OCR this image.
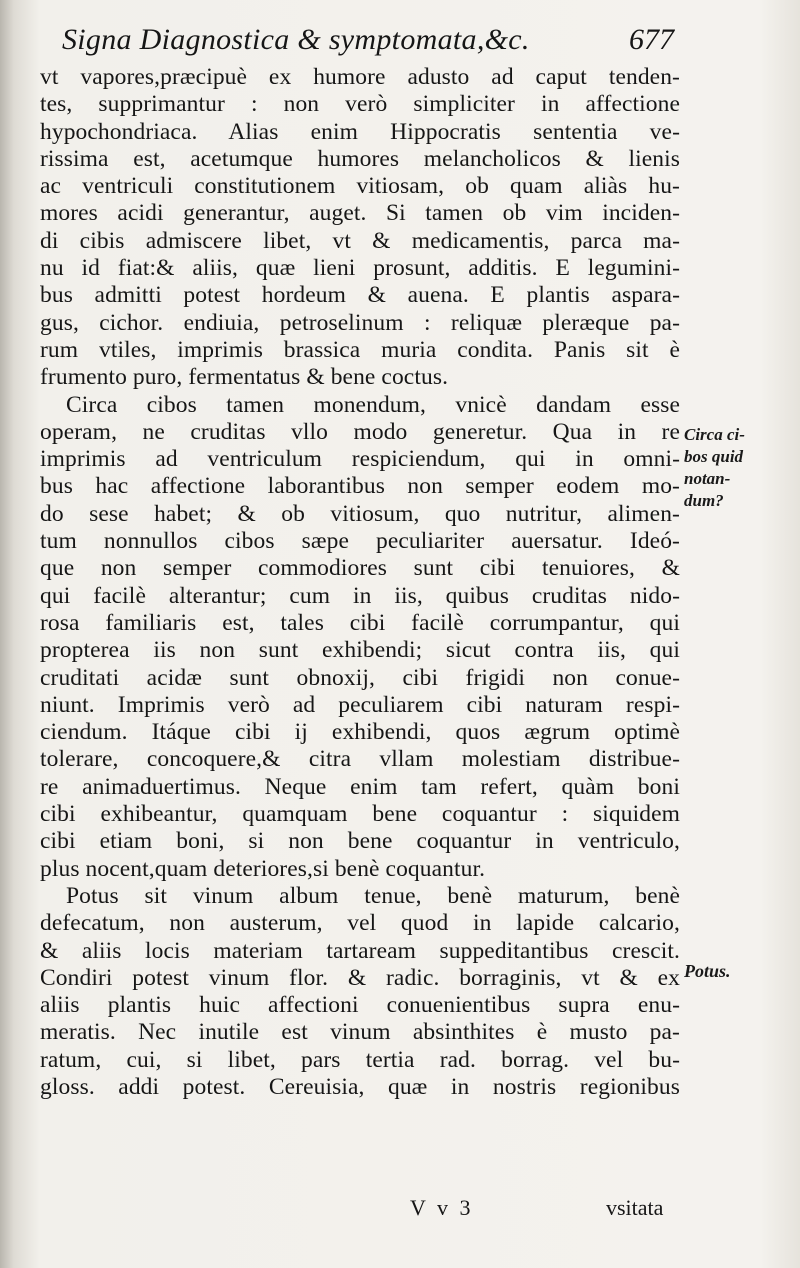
Signa Diagnostica & symptomata,&c.	677
vt vapores,præcipuè ex humore adusto ad caput tenden-
tes, supprimantur : non verò simpliciter in affectione
hypochondriaca. Alias enim Hippocratis sententia ve-
rissima est, acetumque humores melancholicos & lienis
ac ventriculi constitutionem vitiosam, ob quam aliàs hu-
mores acidi generantur, auget. Si tamen ob vim inciden-
di cibis admiscere libet, vt & medicamentis, parca ma-
nu id fiat:& aliis, quæ lieni prosunt, additis. E legumini-
bus admitti potest hordeum & auena. E plantis aspara-
gus, cichor. endiuia, petroselinum : reliquæ pleræque pa-
rum vtiles, imprimis brassica muria condita. Panis sit è
frumento puro, fermentatus & bene coctus.
Circa cibos tamen monendum, vnicè dandam esse
operam, ne cruditas vllo modo generetur. Qua in re
imprimis ad ventriculum respiciendum, qui in omni-
bus hac affectione laborantibus non semper eodem mo-
do sese habet; & ob vitiosum, quo nutritur, alimen-
tum nonnullos cibos sæpe peculiariter auersatur. Ideó-
que non semper commodiores sunt cibi tenuiores, &
qui facilè alterantur; cum in iis, quibus cruditas nido-
rosa familiaris est, tales cibi facilè corrumpantur, qui
propterea iis non sunt exhibendi; sicut contra iis, qui
cruditati acidæ sunt obnoxij, cibi frigidi non conue-
niunt. Imprimis verò ad peculiarem cibi naturam respi-
ciendum. Itáque cibi ij exhibendi, quos ægrum optimè
tolerare, concoquere,& citra vllam molestiam distribue-
re animaduertimus. Neque enim tam refert, quàm boni
cibi exhibeantur, quamquam bene coquantur : siquidem
cibi etiam boni, si non bene coquantur in ventriculo,
plus nocent,quam deteriores,si benè coquantur.
Potus sit vinum album tenue, benè maturum, benè
defecatum, non austerum, vel quod in lapide calcario,
& aliis locis materiam tartaream suppeditantibus crescit.
Condiri potest vinum flor. & radic. borraginis, vt & ex
aliis plantis huic affectioni conuenientibus supra enu-
meratis. Nec inutile est vinum absinthites è musto pa-
ratum, cui, si libet, pars tertia rad. borrag. vel bu-
gloss. addi potest. Cereuisia, quæ in nostris regionibus
Circa ci-
bos quid
notan-
dum?
Potus.
V v 3	vsitata
